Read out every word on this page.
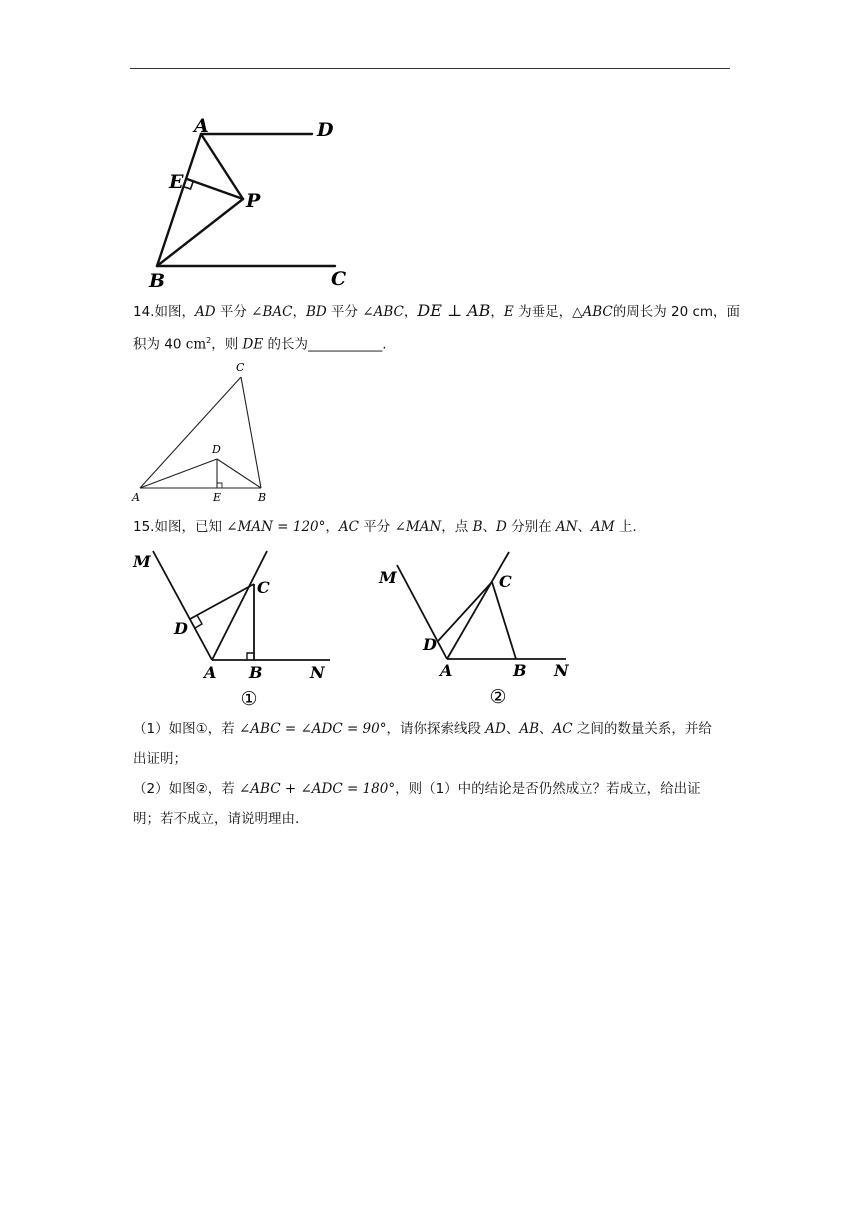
A	D
E
P
B	C
14.如图，AD 平分 ∠BAC，BD 平分 ∠ABC，DE ⊥ AB，E 为垂足，△ABC的周长为 20 cm，面
积为 40 $cm^2$，则 DE 的长为___________.
C
D
A	E	B
15.如图，已知 ∠MAN = 120°，AC 平分 ∠MAN，点 B、D 分别在 AN、AM 上.
M
C
D
A B	N
①
M	C
D
A	B N
②
（1）如图①，若 ∠ABC = ∠ADC = 90°，请你探索线段 AD、AB、AC 之间的数量关系，并给
出证明；
（2）如图②，若 ∠ABC + ∠ADC = 180°，则（1）中的结论是否仍然成立？若成立，给出证
明；若不成立，请说明理由.
